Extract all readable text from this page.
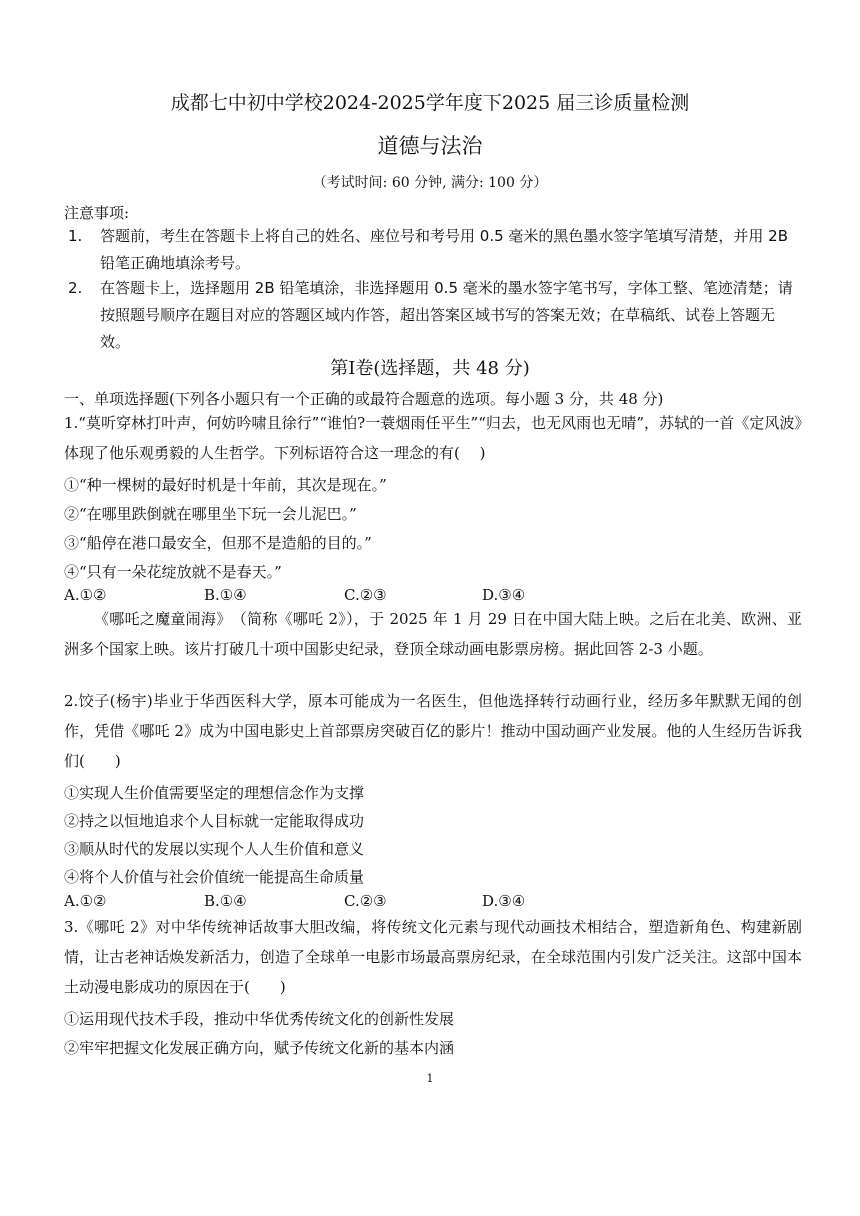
成都七中初中学校2024-2025学年度下2025 届三诊质量检测
道德与法治
（考试时间: 60 分钟, 满分: 100 分）
注意事项:
1. 答题前，考生在答题卡上将自己的姓名、座位号和考号用 0.5 毫米的黑色墨水签字笔填写清楚，并用 2B 铅笔正确地填涂考号。
2. 在答题卡上，选择题用 2B 铅笔填涂，非选择题用 0.5 毫米的墨水签字笔书写，字体工整、笔迹清楚；请按照题号顺序在题目对应的答题区域内作答，超出答案区域书写的答案无效；在草稿纸、试卷上答题无效。
第Ⅰ卷(选择题，共 48 分)
一、单项选择题(下列各小题只有一个正确的或最符合题意的选项。每小题 3 分，共 48 分)
1.“莫听穿林打叶声，何妨吟啸且徐行”“谁怕?一蓑烟雨任平生”“归去，也无风雨也无晴”，苏轼的一首《定风波》体现了他乐观勇毅的人生哲学。下列标语符合这一理念的有(　 )
①“种一棵树的最好时机是十年前，其次是现在。”
②“在哪里跌倒就在哪里坐下玩一会儿泥巴。”
③“船停在港口最安全，但那不是造船的目的。”
④“只有一朵花绽放就不是春天。”
A.①②	B.①④	C.②③	D.③④
《哪吒之魔童闹海》　（简称《哪吒 2》），于 2025 年 1 月 29 日在中国大陆上映。之后在北美、欧洲、亚洲多个国家上映。该片打破几十项中国影史纪录，登顶全球动画电影票房榜。据此回答 2-3 小题。
2.饺子(杨宇)毕业于华西医科大学，原本可能成为一名医生，但他选择转行动画行业，经历多年默默无闻的创作，凭借《哪吒 2》成为中国电影史上首部票房突破百亿的影片！推动中国动画产业发展。他的人生经历告诉我们(　　)
①实现人生价值需要坚定的理想信念作为支撑
②持之以恒地追求个人目标就一定能取得成功
③顺从时代的发展以实现个人人生价值和意义
④将个人价值与社会价值统一能提高生命质量
A.①②	B.①④	C.②③	D.③④
3.《哪吒 2》对中华传统神话故事大胆改编，将传统文化元素与现代动画技术相结合，塑造新角色、构建新剧情，让古老神话焕发新活力，创造了全球单一电影市场最高票房纪录，在全球范围内引发广泛关注。这部中国本土动漫电影成功的原因在于(　　)
①运用现代技术手段，推动中华优秀传统文化的创新性发展
②牢牢把握文化发展正确方向，赋予传统文化新的基本内涵
1
